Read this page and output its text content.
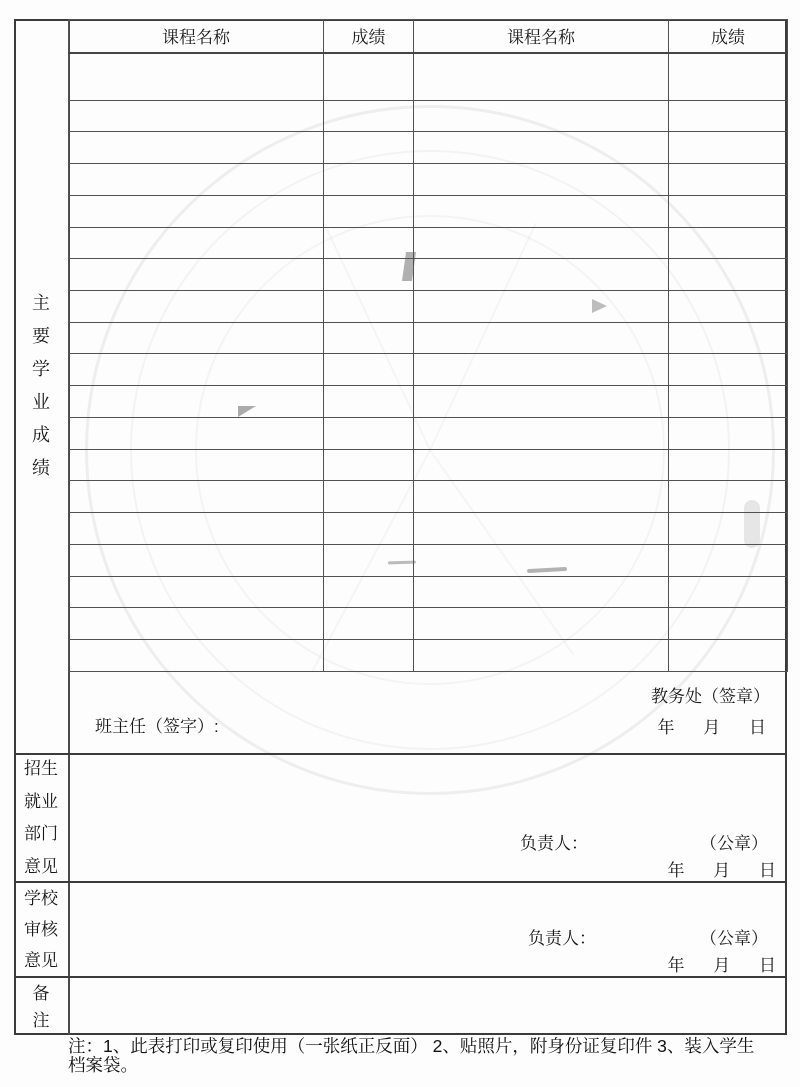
主
要
学
业
成
绩
课程名称	成绩	课程名称	成绩

教务处（签章）
班主任（签字）:	年 月 日
招生
就业
部门
意见
负责人：	（公章）
年 月 日
学校
审核
意见
负责人：	（公章）
年 月 日
备
注
注：1、此表打印或复印使用（一张纸正反面） 2、贴照片，附身份证复印件 3、装入学生档案袋。
